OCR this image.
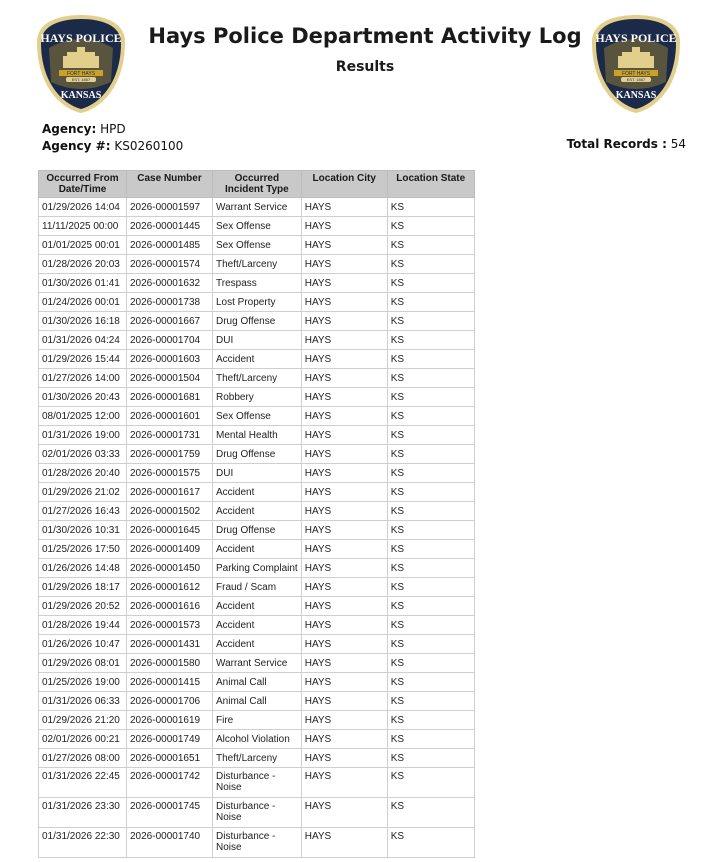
HAYS POLICE
FORT HAYS
EST. 1867
KANSAS
HAYS POLICE
FORT HAYS
EST. 1867
KANSAS
Hays Police Department Activity Log
Results
Agency: HPD
Agency #: KS0260100	Total Records : 54
Occurred From Date/Time	Case Number	Occurred Incident Type	Location City	Location State
01/29/2026 14:04	2026-00001597	Warrant Service	HAYS	KS
11/11/2025 00:00	2026-00001445	Sex Offense	HAYS	KS
01/01/2025 00:01	2026-00001485	Sex Offense	HAYS	KS
01/28/2026 20:03	2026-00001574	Theft/Larceny	HAYS	KS
01/30/2026 01:41	2026-00001632	Trespass	HAYS	KS
01/24/2026 00:01	2026-00001738	Lost Property	HAYS	KS
01/30/2026 16:18	2026-00001667	Drug Offense	HAYS	KS
01/31/2026 04:24	2026-00001704	DUI	HAYS	KS
01/29/2026 15:44	2026-00001603	Accident	HAYS	KS
01/27/2026 14:00	2026-00001504	Theft/Larceny	HAYS	KS
01/30/2026 20:43	2026-00001681	Robbery	HAYS	KS
08/01/2025 12:00	2026-00001601	Sex Offense	HAYS	KS
01/31/2026 19:00	2026-00001731	Mental Health	HAYS	KS
02/01/2026 03:33	2026-00001759	Drug Offense	HAYS	KS
01/28/2026 20:40	2026-00001575	DUI	HAYS	KS
01/29/2026 21:02	2026-00001617	Accident	HAYS	KS
01/27/2026 16:43	2026-00001502	Accident	HAYS	KS
01/30/2026 10:31	2026-00001645	Drug Offense	HAYS	KS
01/25/2026 17:50	2026-00001409	Accident	HAYS	KS
01/26/2026 14:48	2026-00001450	Parking Complaint	HAYS	KS
01/29/2026 18:17	2026-00001612	Fraud / Scam	HAYS	KS
01/29/2026 20:52	2026-00001616	Accident	HAYS	KS
01/28/2026 19:44	2026-00001573	Accident	HAYS	KS
01/26/2026 10:47	2026-00001431	Accident	HAYS	KS
01/29/2026 08:01	2026-00001580	Warrant Service	HAYS	KS
01/25/2026 19:00	2026-00001415	Animal Call	HAYS	KS
01/31/2026 06:33	2026-00001706	Animal Call	HAYS	KS
01/29/2026 21:20	2026-00001619	Fire	HAYS	KS
02/01/2026 00:21	2026-00001749	Alcohol Violation	HAYS	KS
01/27/2026 08:00	2026-00001651	Theft/Larceny	HAYS	KS
01/31/2026 22:45	2026-00001742	Disturbance - Noise	HAYS	KS
01/31/2026 23:30	2026-00001745	Disturbance - Noise	HAYS	KS
01/31/2026 22:30	2026-00001740	Disturbance - Noise	HAYS	KS
